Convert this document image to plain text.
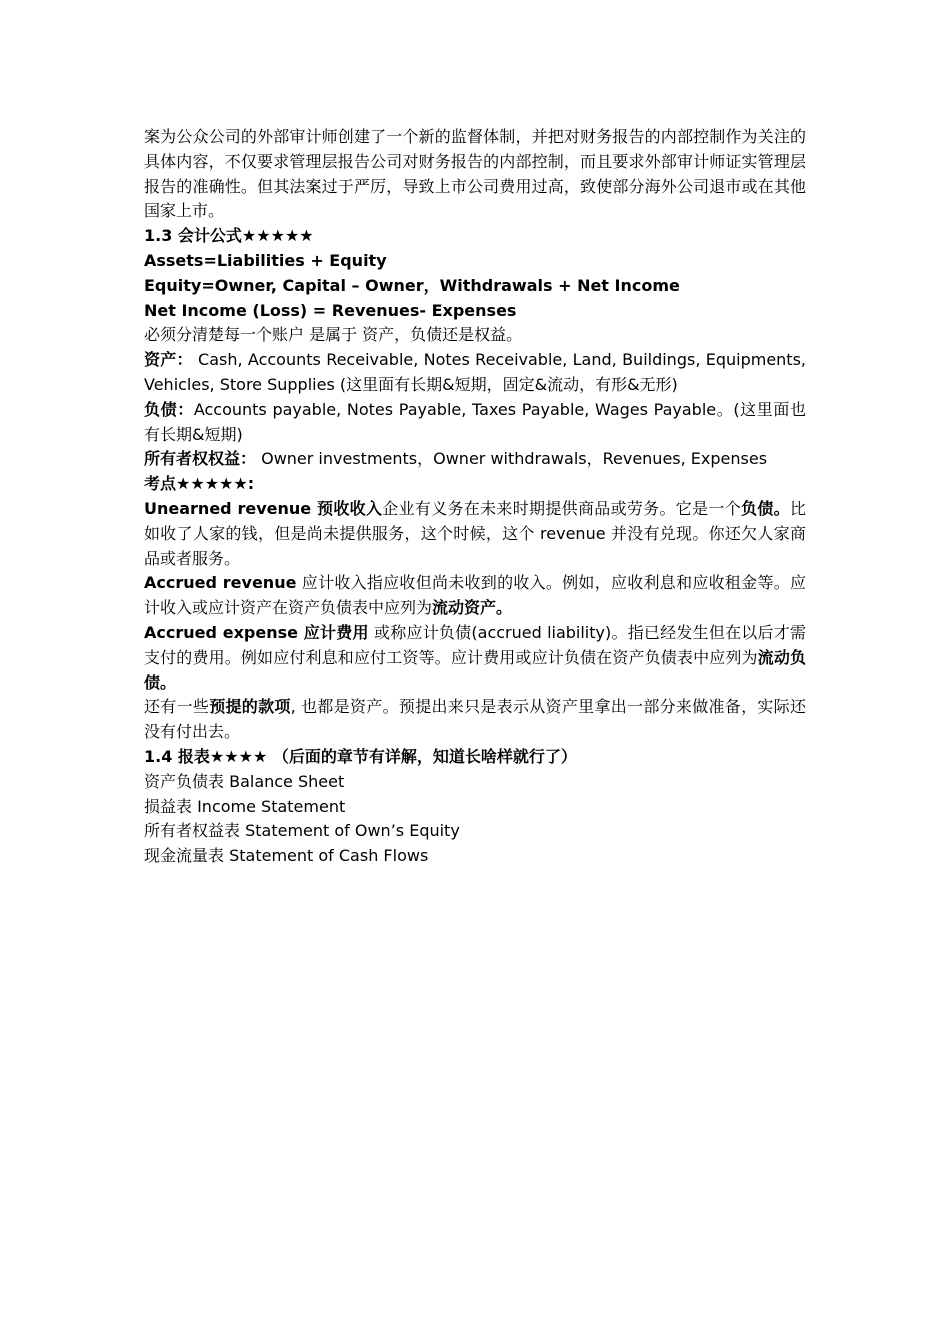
案为公众公司的外部审计师创建了一个新的监督体制，并把对财务报告的内部控制作为关注的具体内容，不仅要求管理层报告公司对财务报告的内部控制，而且要求外部审计师证实管理层报告的准确性。但其法案过于严厉，导致上市公司费用过高，致使部分海外公司退市或在其他国家上市。

1.3 会计公式★★★★★

Assets=Liabilities + Equity

Equity=Owner, Capital – Owner，Withdrawals + Net Income

Net Income (Loss) = Revenues- Expenses

必须分清楚每一个账户 是属于 资产，负债还是权益。

资产： Cash, Accounts Receivable, Notes Receivable, Land, Buildings, Equipments, Vehicles, Store Supplies (这里面有长期&短期，固定&流动，有形&无形)

负债：Accounts payable, Notes Payable, Taxes Payable, Wages Payable。(这里面也有长期&短期)

所有者权权益： Owner investments，Owner withdrawals，Revenues, Expenses

考点★★★★★:

Unearned revenue 预收收入企业有义务在未来时期提供商品或劳务。它是一个负债。比如收了人家的钱，但是尚未提供服务，这个时候，这个 revenue 并没有兑现。你还欠人家商品或者服务。

Accrued revenue 应计收入指应收但尚未收到的收入。例如，应收利息和应收租金等。应计收入或应计资产在资产负债表中应列为流动资产。

Accrued expense 应计费用 或称应计负债(accrued liability)。指已经发生但在以后才需支付的费用。例如应付利息和应付工资等。应计费用或应计负债在资产负债表中应列为流动负债。

还有一些预提的款项, 也都是资产。预提出来只是表示从资产里拿出一部分来做准备，实际还没有付出去。

1.4 报表★★★★ （后面的章节有详解，知道长啥样就行了）

资产负债表 Balance Sheet

损益表 Income Statement

所有者权益表 Statement of Own’s Equity

现金流量表 Statement of Cash Flows
